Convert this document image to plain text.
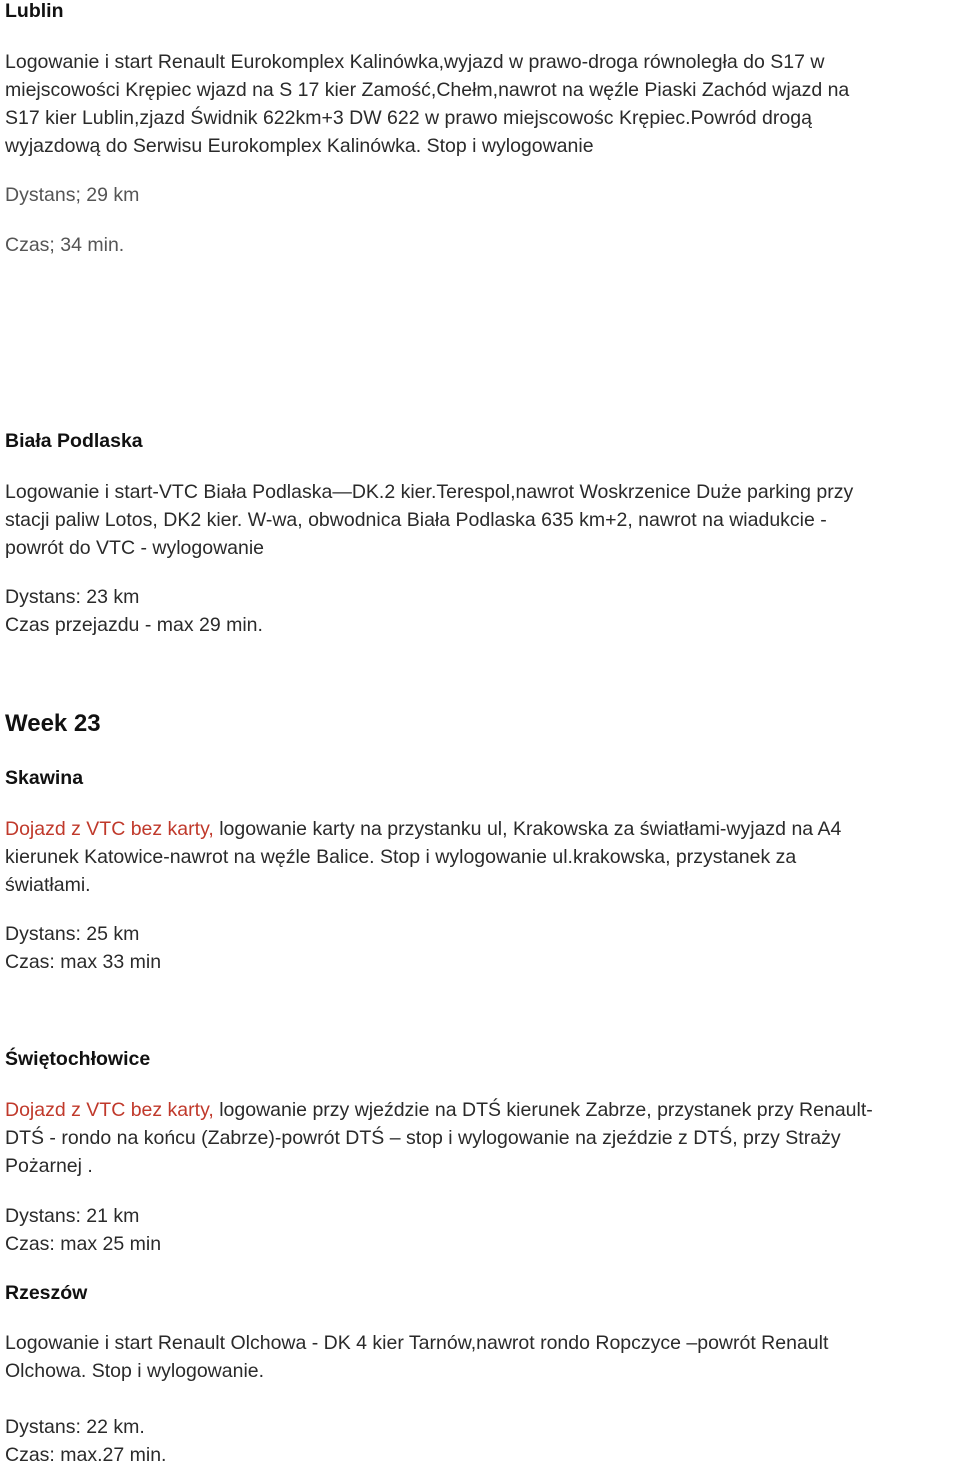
Lublin
Logowanie i start Renault Eurokomplex Kalinówka,wyjazd w prawo-droga równoległa do S17 w
miejscowości Krępiec wjazd na S 17 kier Zamość,Chełm,nawrot na węźle Piaski Zachód wjazd na
S17 kier Lublin,zjazd Świdnik 622km+3 DW 622 w prawo miejscowośc Krępiec.Powród drogą
wyjazdową do Serwisu Eurokomplex Kalinówka. Stop i wylogowanie
Dystans; 29 km
Czas; 34 min.
Biała Podlaska
Logowanie i start-VTC Biała Podlaska—DK.2 kier.Terespol,nawrot Woskrzenice Duże parking przy
stacji paliw Lotos, DK2 kier. W-wa, obwodnica Biała Podlaska 635 km+2, nawrot na wiadukcie -
powrót do VTC - wylogowanie
Dystans: 23 km
Czas przejazdu - max 29 min.
Week 23
Skawina
Dojazd z VTC bez karty, logowanie karty na przystanku ul, Krakowska za światłami-wyjazd na A4
kierunek Katowice-nawrot na węźle Balice. Stop i wylogowanie ul.krakowska, przystanek za
światłami.
Dystans: 25 km
Czas: max 33 min
Świętochłowice
Dojazd z VTC bez karty, logowanie przy wjeździe na DTŚ kierunek Zabrze, przystanek przy Renault-
DTŚ - rondo na końcu (Zabrze)-powrót DTŚ – stop i wylogowanie na zjeździe z DTŚ, przy Straży
Pożarnej .
Dystans: 21 km
Czas: max 25 min
Rzeszów
Logowanie i start Renault Olchowa - DK 4 kier Tarnów,nawrot rondo Ropczyce –powrót Renault
Olchowa. Stop i wylogowanie.
Dystans: 22 km.
Czas: max.27 min.
